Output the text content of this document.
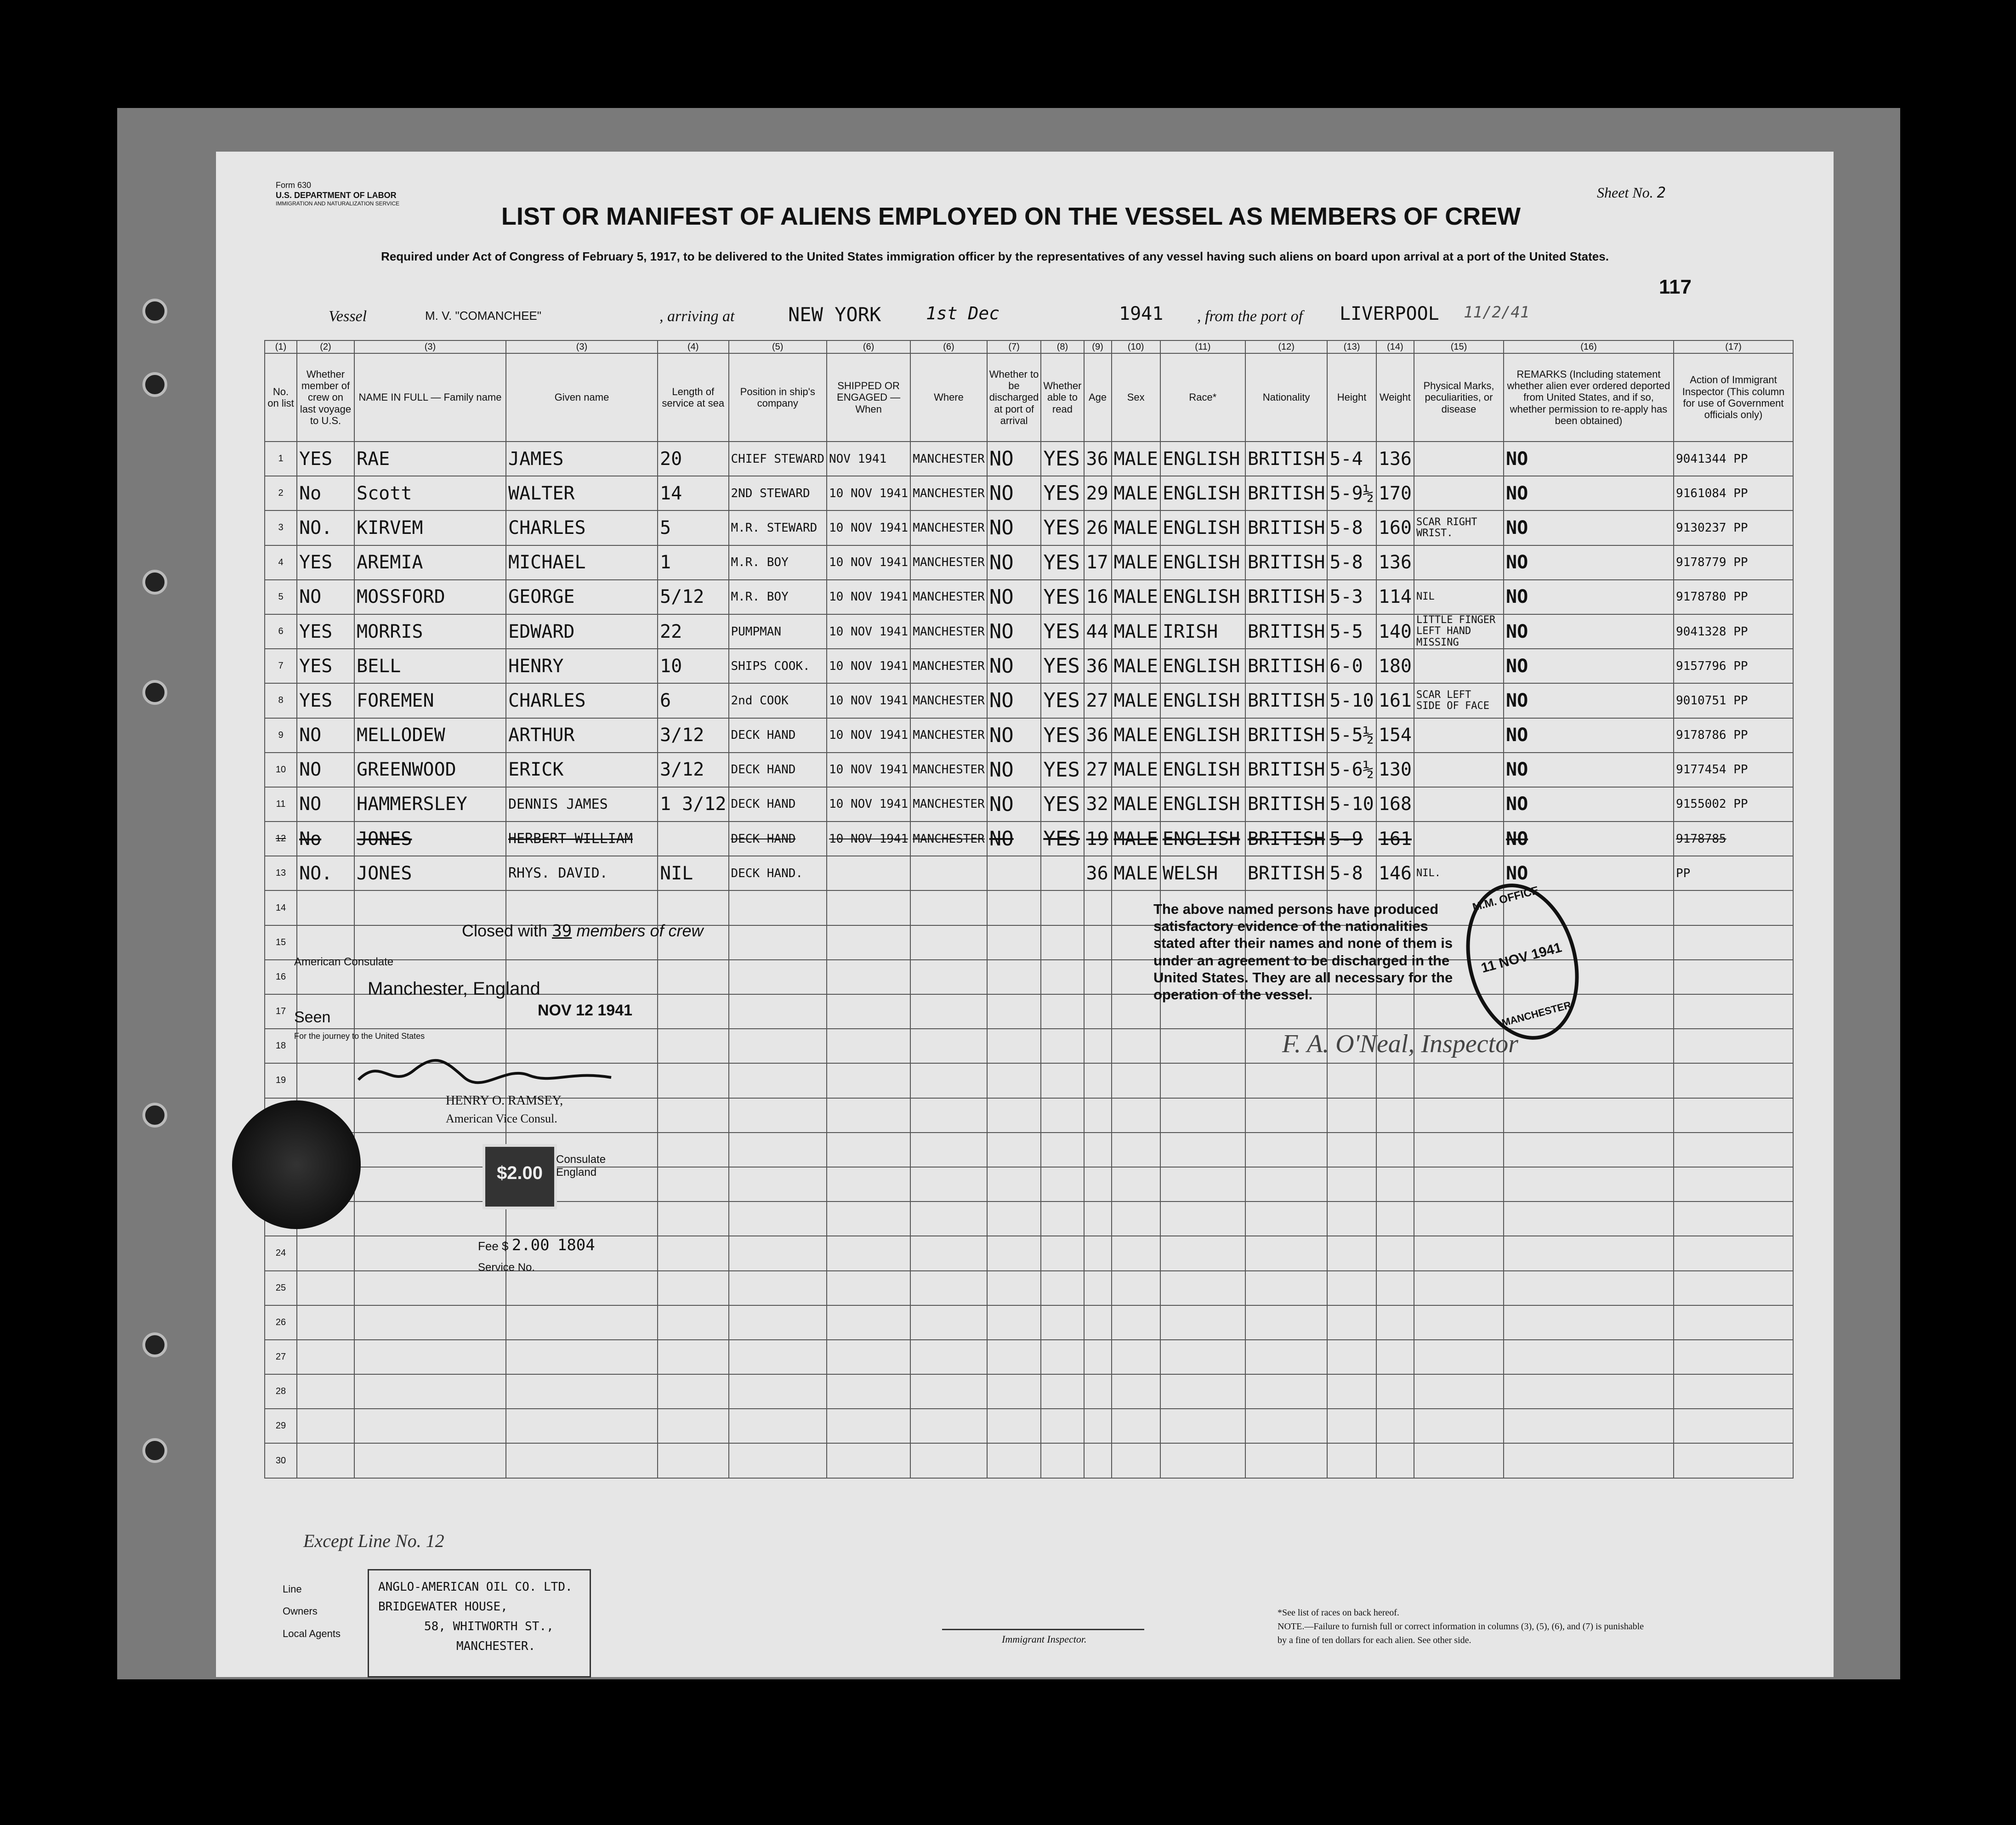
Form 630
U.S. DEPARTMENT OF LABOR
IMMIGRATION AND NATURALIZATION SERVICE
Sheet No. 2
LIST OR MANIFEST OF ALIENS EMPLOYED ON THE VESSEL AS MEMBERS OF CREW
Required under Act of Congress of February 5, 1917, to be delivered to the United States immigration officer by the representatives of any vessel having such aliens on board upon arrival at a port of the United States.
117
Vessel	M. V. "COMANCHEE"	, arriving at	NEW YORK	1st Dec	1941 , from the port of LIVERPOOL 11/2/41
(1)	(2)	(3)	(3)	(4)	(5)	(6)	(6)	(7)	(8)	(9)	(10)	(11)	(12)	(13)	(14)	(15)	(16)	(17)
No. on list	Whether member of crew on last voyage to U.S.	NAME IN FULL — Family name	Given name	Length of service at sea	Position in ship's company	SHIPPED OR ENGAGED — When	Where	Whether to be discharged at port of arrival	Whether able to read	Age	Sex	Race*	Nationality	Height	Weight	Physical Marks, peculiarities, or disease	REMARKS (Including statement whether alien ever ordered deported from United States, and if so, whether permission to re-apply has been obtained)	Action of Immigrant Inspector (This column for use of Government officials only)
1	YES	RAE	JAMES	20	CHIEF STEWARD	NOV 1941	MANCHESTER	NO	YES	36	MALE	ENGLISH	BRITISH	5-4	136		NO	9041344 PP
2	No	Scott	WALTER	14	2ND STEWARD	10 NOV 1941	MANCHESTER	NO	YES	29	MALE	ENGLISH	BRITISH	5-9½	170		NO	9161084 PP
3	NO.	KIRVEM	CHARLES	5	M.R. STEWARD	10 NOV 1941	MANCHESTER	NO	YES	26	MALE	ENGLISH	BRITISH	5-8	160	SCAR RIGHT WRIST.	NO	9130237 PP
4	YES	AREMIA	MICHAEL	1	M.R. BOY	10 NOV 1941	MANCHESTER	NO	YES	17	MALE	ENGLISH	BRITISH	5-8	136		NO	9178779 PP
5	NO	MOSSFORD	GEORGE	5/12	M.R. BOY	10 NOV 1941	MANCHESTER	NO	YES	16	MALE	ENGLISH	BRITISH	5-3	114	NIL	NO	9178780 PP
6	YES	MORRIS	EDWARD	22	PUMPMAN	10 NOV 1941	MANCHESTER	NO	YES	44	MALE	IRISH	BRITISH	5-5	140	LITTLE FINGER LEFT HAND MISSING	NO	9041328 PP
7	YES	BELL	HENRY	10	SHIPS COOK.	10 NOV 1941	MANCHESTER	NO	YES	36	MALE	ENGLISH	BRITISH	6-0	180		NO	9157796 PP
8	YES	FOREMEN	CHARLES	6	2nd COOK	10 NOV 1941	MANCHESTER	NO	YES	27	MALE	ENGLISH	BRITISH	5-10	161	SCAR LEFT SIDE OF FACE	NO	9010751 PP
9	NO	MELLODEW	ARTHUR	3/12	DECK HAND	10 NOV 1941	MANCHESTER	NO	YES	36	MALE	ENGLISH	BRITISH	5-5½	154		NO	9178786 PP
10	NO	GREENWOOD	ERICK	3/12	DECK HAND	10 NOV 1941	MANCHESTER	NO	YES	27	MALE	ENGLISH	BRITISH	5-6½	130		NO	9177454 PP
11	NO	HAMMERSLEY	DENNIS JAMES	1 3/12	DECK HAND	10 NOV 1941	MANCHESTER	NO	YES	32	MALE	ENGLISH	BRITISH	5-10	168		NO	9155002 PP
12	No	JONES	HERBERT WILLIAM		DECK HAND	10 NOV 1941	MANCHESTER	NO	YES	19	MALE	ENGLISH	BRITISH	5-9	161		NO	9178785
13	NO.	JONES	RHYS. DAVID.	NIL	DECK HAND.					36	MALE	WELSH	BRITISH	5-8	146	NIL.	NO	PP
14																		
15																		
16																		
17																		
18																		
19																		

24																		
25																		
26																		
27																		
28																		
29																		
30																		
Closed with 39 members of crew
American Consulate
Manchester, England
Seen	NOV 12 1941
For the journey to the United States
HENRY O. RAMSEY,
American Vice Consul.
$2.00
Consulate England
Fee $ 2.00 1804
Service No.
The above named persons have produced satisfactory evidence of the nationalities stated after their names and none of them is under an agreement to be discharged in the United States. They are all necessary for the operation of the vessel.
M.M. OFFICE
11 NOV 1941
MANCHESTER
F. A. O'Neal, Inspector
Except Line No. 12
Line
Owners
Local Agents
ANGLO-AMERICAN OIL CO. LTD.
BRIDGEWATER HOUSE,
58, WHITWORTH ST.,
MANCHESTER.
Immigrant Inspector.
*See list of races on back hereof.
NOTE.—Failure to furnish full or correct information in columns (3), (5), (6), and (7) is punishable by a fine of ten dollars for each alien. See other side.
